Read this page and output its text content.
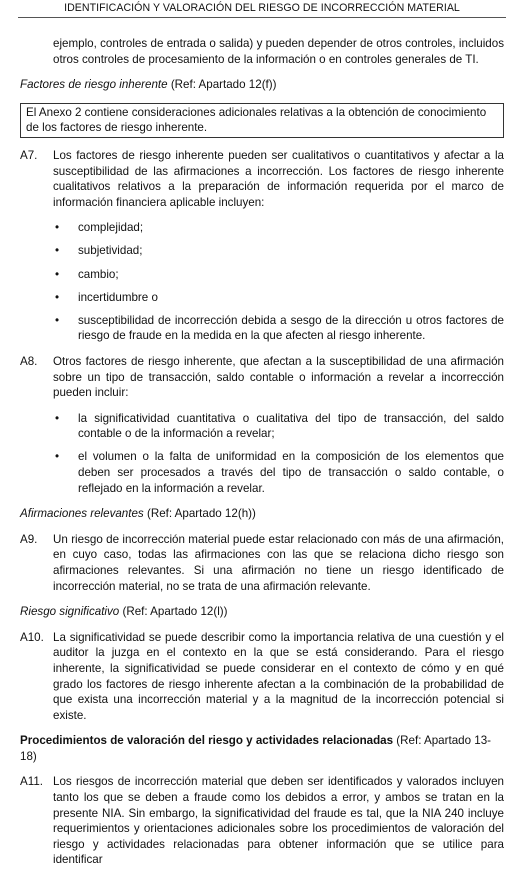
IDENTIFICACIÓN Y VALORACIÓN DEL RIESGO DE INCORRECCIÓN MATERIAL

ejemplo, controles de entrada o salida) y pueden depender de otros controles, incluidos otros controles de procesamiento de la información o en controles generales de TI.

Factores de riesgo inherente (Ref: Apartado 12(f))

El Anexo 2 contiene consideraciones adicionales relativas a la obtención de conocimiento de los factores de riesgo inherente.

A7.	Los factores de riesgo inherente pueden ser cualitativos o cuantitativos y afectar a la susceptibilidad de las afirmaciones a incorrección. Los factores de riesgo inherente cualitativos relativos a la preparación de información requerida por el marco de información financiera aplicable incluyen:

•	complejidad;
•	subjetividad;
•	cambio;
•	incertidumbre o
•	susceptibilidad de incorrección debida a sesgo de la dirección u otros factores de riesgo de fraude en la medida en la que afecten al riesgo inherente.
A8.	Otros factores de riesgo inherente, que afectan a la susceptibilidad de una afirmación sobre un tipo de transacción, saldo contable o información a revelar a incorrección pueden incluir:

•	la significatividad cuantitativa o cualitativa del tipo de transacción, del saldo contable o de la información a revelar;
•	el volumen o la falta de uniformidad en la composición de los elementos que deben ser procesados a través del tipo de transacción o saldo contable, o reflejado en la información a revelar.

Afirmaciones relevantes (Ref: Apartado 12(h))

A9.	Un riesgo de incorrección material puede estar relacionado con más de una afirmación, en cuyo caso, todas las afirmaciones con las que se relaciona dicho riesgo son afirmaciones relevantes. Si una afirmación no tiene un riesgo identificado de incorrección material, no se trata de una afirmación relevante.

Riesgo significativo (Ref: Apartado 12(l))

A10. La significatividad se puede describir como la importancia relativa de una cuestión y el auditor la juzga en el contexto en la que se está considerando. Para el riesgo inherente, la significatividad se puede considerar en el contexto de cómo y en qué grado los factores de riesgo inherente afectan a la combinación de la probabilidad de que exista una incorrección material y a la magnitud de la incorrección potencial si existe.

Procedimientos de valoración del riesgo y actividades relacionadas (Ref: Apartado 13-18)

A11. Los riesgos de incorrección material que deben ser identificados y valorados incluyen tanto los que se deben a fraude como los debidos a error, y ambos se tratan en la presente NIA. Sin embargo, la significatividad del fraude es tal, que la NIA 240 incluye requerimientos y orientaciones adicionales sobre los procedimientos de valoración del riesgo y actividades relacionadas para obtener información que se utilice para identificar
